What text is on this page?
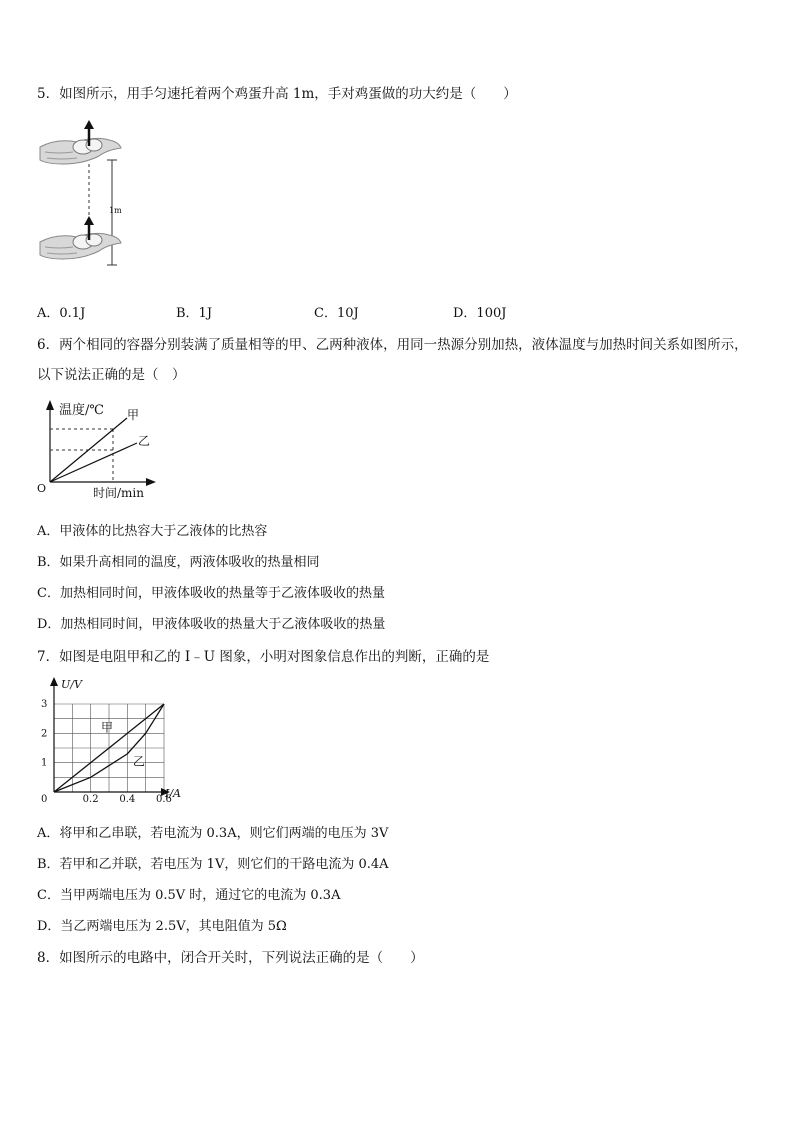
5．如图所示，用手匀速托着两个鸡蛋升高 1m，手对鸡蛋做的功大约是（　　）
1m
A．0.1J	B．1J	C．10J	D．100J
6．两个相同的容器分别装满了质量相等的甲、乙两种液体，用同一热源分别加热，液体温度与加热时间关系如图所示，
以下说法正确的是（　）
温度/℃ 甲
乙
O	时间/min
A．甲液体的比热容大于乙液体的比热容
B．如果升高相同的温度，两液体吸收的热量相同
C．加热相同时间，甲液体吸收的热量等于乙液体吸收的热量
D．加热相同时间，甲液体吸收的热量大于乙液体吸收的热量
7．如图是电阻甲和乙的 I﹣U 图象，小明对图象信息作出的判断，正确的是
甲
乙
0.2 0.4 0.6
1
2
3
U/V
I/A
0
A．将甲和乙串联，若电流为 0.3A，则它们两端的电压为 3V
B．若甲和乙并联，若电压为 1V，则它们的干路电流为 0.4A
C．当甲两端电压为 0.5V 时，通过它的电流为 0.3A
D．当乙两端电压为 2.5V，其电阻值为 5Ω
8．如图所示的电路中，闭合开关时，下列说法正确的是（　　）
